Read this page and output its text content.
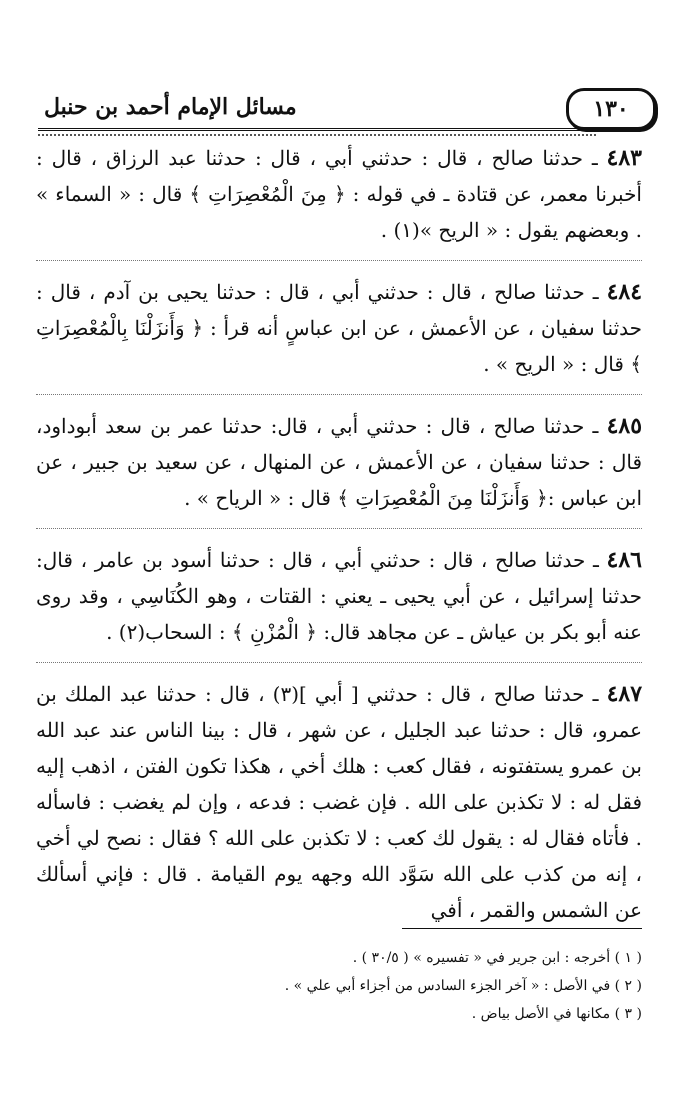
١٣٠
مسائل الإمام أحمد بن حنبل
٤٨٣ ـ حدثنا صالح ، قال : حدثني أبي ، قال : حدثنا عبد الرزاق ، قال : أخبرنا معمر، عن قتادة ـ في قوله : ﴿ مِنَ الْمُعْصِرَاتِ ﴾ قال : « السماء » . وبعضهم يقول : « الريح »(١) .
٤٨٤ ـ حدثنا صالح ، قال : حدثني أبي ، قال : حدثنا يحيى بن آدم ، قال : حدثنا سفيان ، عن الأعمش ، عن ابن عباسٍ أنه قرأ : ﴿ وَأَنزَلْنَا بِالْمُعْصِرَاتِ ﴾ قال : « الريح » .
٤٨٥ ـ حدثنا صالح ، قال : حدثني أبي ، قال: حدثنا عمر بن سعد أبوداود، قال : حدثنا سفيان ، عن الأعمش ، عن المنهال ، عن سعيد بن جبير ، عن ابن عباس :﴿ وَأَنزَلْنَا مِنَ الْمُعْصِرَاتِ ﴾ قال : « الرياح » .
٤٨٦ ـ حدثنا صالح ، قال : حدثني أبي ، قال : حدثنا أسود بن عامر ، قال: حدثنا إسرائيل ، عن أبي يحيى ـ يعني : القتات ، وهو الكُنَاسِي ، وقد روى عنه أبو بكر بن عياش ـ عن مجاهد قال: ﴿ الْمُزْنِ ﴾ : السحاب(٢) .
٤٨٧ ـ حدثنا صالح ، قال : حدثني [ أبي ](٣) ، قال : حدثنا عبد الملك بن عمرو، قال : حدثنا عبد الجليل ، عن شهر ، قال : بينا الناس عند عبد الله بن عمرو يستفتونه ، فقال كعب : هلك أخي ، هكذا تكون الفتن ، اذهب إليه فقل له : لا تكذبن على الله . فإن غضب : فدعه ، وإن لم يغضب : فاسأله . فأتاه فقال له : يقول لك كعب : لا تكذبن على الله ؟ فقال : نصح لي أخي ، إنه من كذب على الله سَوَّد الله وجهه يوم القيامة . قال : فإني أسألك عن الشمس والقمر ، أفي
( ١ ) أخرجه : ابن جرير في « تفسيره » ( ٣٠/٥ ) .
( ٢ ) في الأصل : « آخر الجزء السادس من أجزاء أبي علي » .
( ٣ ) مكانها في الأصل بياض .
